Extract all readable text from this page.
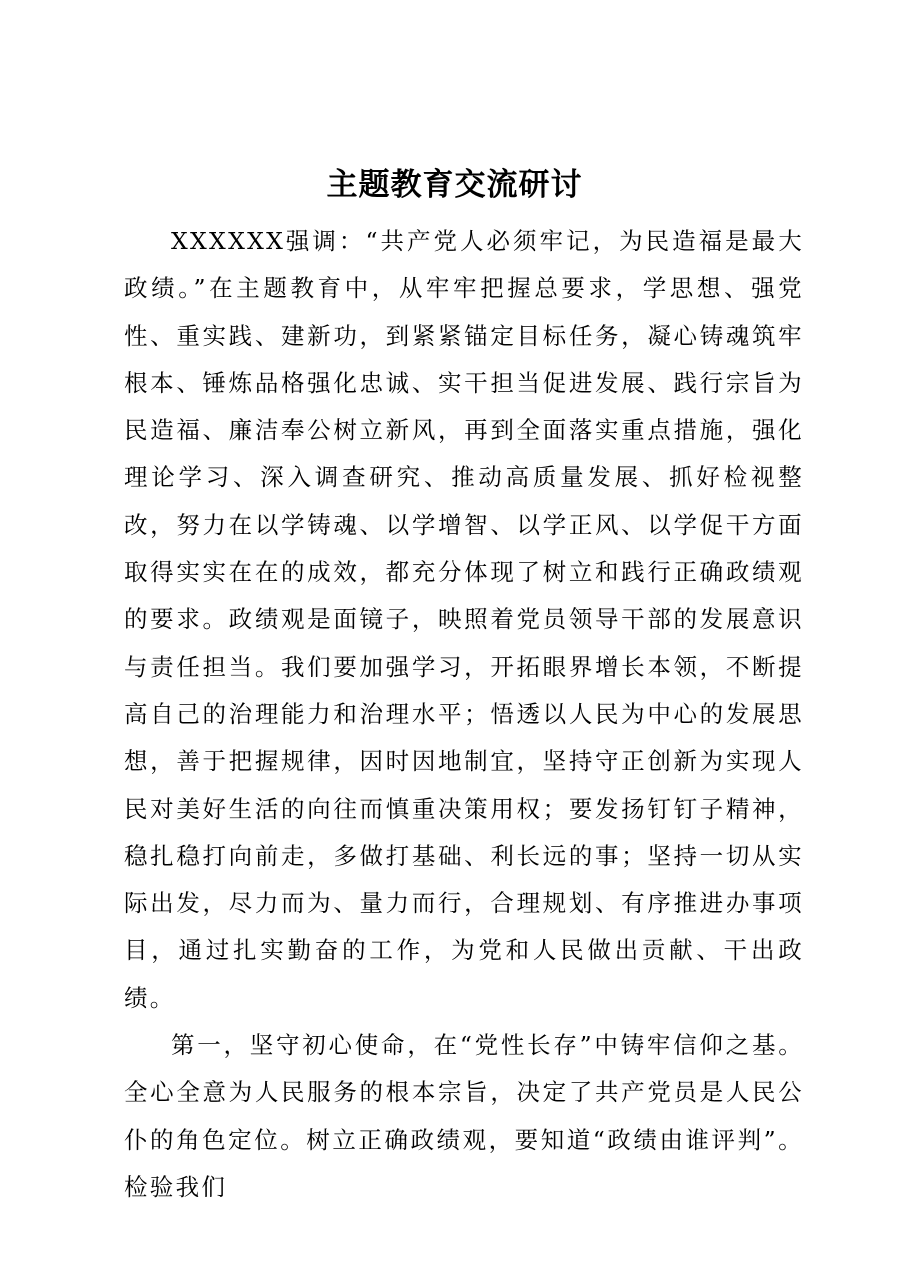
主题教育交流研讨

XXXXXX强调：“共产党人必须牢记，为民造福是最大政绩。”在主题教育中，从牢牢把握总要求，学思想、强党性、重实践、建新功，到紧紧锚定目标任务，凝心铸魂筑牢根本、锤炼品格强化忠诚、实干担当促进发展、践行宗旨为民造福、廉洁奉公树立新风，再到全面落实重点措施，强化理论学习、深入调查研究、推动高质量发展、抓好检视整改，努力在以学铸魂、以学增智、以学正风、以学促干方面取得实实在在的成效，都充分体现了树立和践行正确政绩观的要求。政绩观是面镜子，映照着党员领导干部的发展意识与责任担当。我们要加强学习，开拓眼界增长本领，不断提高自己的治理能力和治理水平；悟透以人民为中心的发展思想，善于把握规律，因时因地制宜，坚持守正创新为实现人民对美好生活的向往而慎重决策用权；要发扬钉钉子精神，稳扎稳打向前走，多做打基础、利长远的事；坚持一切从实际出发，尽力而为、量力而行，合理规划、有序推进办事项目，通过扎实勤奋的工作，为党和人民做出贡献、干出政绩。

第一，坚守初心使命，在“党性长存”中铸牢信仰之基。全心全意为人民服务的根本宗旨，决定了共产党员是人民公仆的角色定位。树立正确政绩观，要知道“政绩由谁评判”。检验我们
